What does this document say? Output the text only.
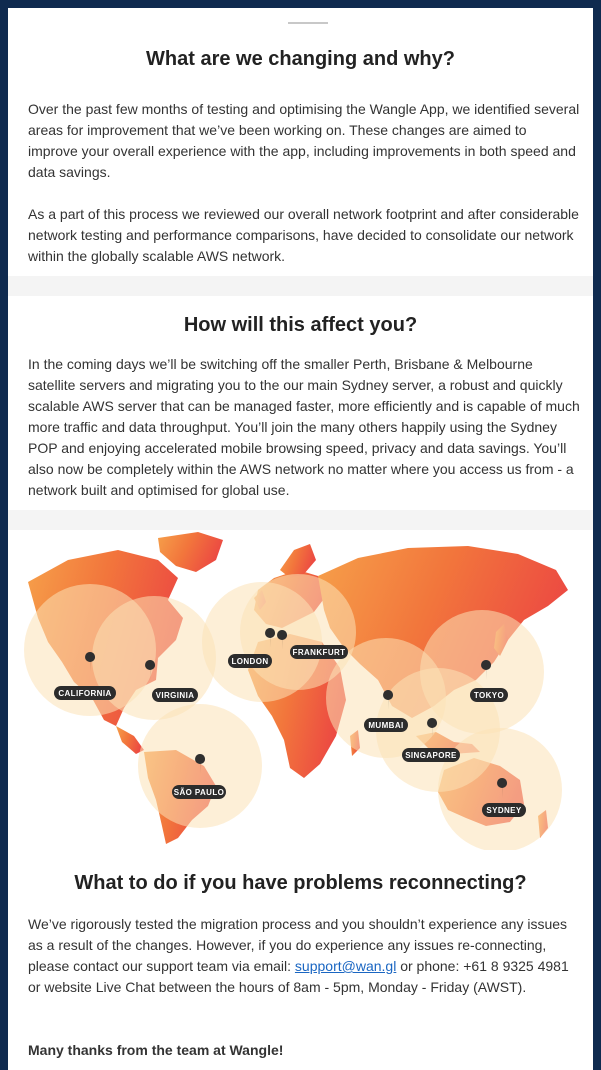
What are we changing and why?

Over the past few months of testing and optimising the Wangle App, we identified several areas for improvement that we’ve been working on. These changes are aimed to improve your overall experience with the app, including improvements in both speed and data savings.

As a part of this process we reviewed our overall network footprint and after considerable network testing and performance comparisons, have decided to consolidate our network within the globally scalable AWS network.

How will this affect you?

In the coming days we’ll be switching off the smaller Perth, Brisbane & Melbourne satellite servers and migrating you to the our main Sydney server, a robust and quickly scalable AWS server that can be managed faster, more efficiently and is capable of much more traffic and data throughput. You’ll join the many others happily using the Sydney POP and enjoying accelerated mobile browsing speed, privacy and data savings. You’ll also now be completely within the AWS network no matter where you access us from - a network built and optimised for global use.

CALIFORNIA	VIRGINIA
LONDON
FRANKFURT
SÃO PAULO
MUMBAI
SINGAPORE
TOKYO
SYDNEY
What to do if you have problems reconnecting?

We’ve rigorously tested the migration process and you shouldn’t experience any issues as a result of the changes. However, if you do experience any issues re-connecting, please contact our support team via email: support@wan.gl or phone: +61 8 9325 4981 or website Live Chat between the hours of 8am - 5pm, Monday - Friday (AWST).

Many thanks from the team at Wangle!
